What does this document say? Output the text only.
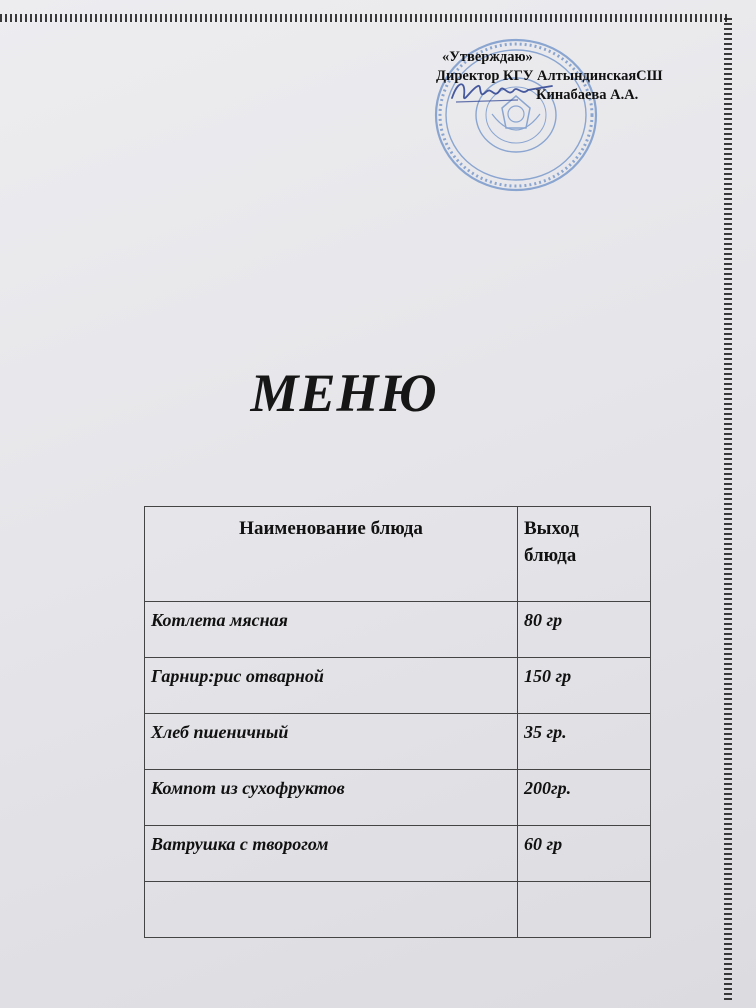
«Утверждаю»
Директор КГУ АлтындинскаяСШ
Кинабаева А.А.
МЕНЮ
Наименование блюда	Выход
блюда
Котлета мясная	80 гр
Гарнир:рис отварной	150 гр
Хлеб пшеничный	35 гр.
Компот из сухофруктов	200гр.
Ватрушка с творогом	60 гр
